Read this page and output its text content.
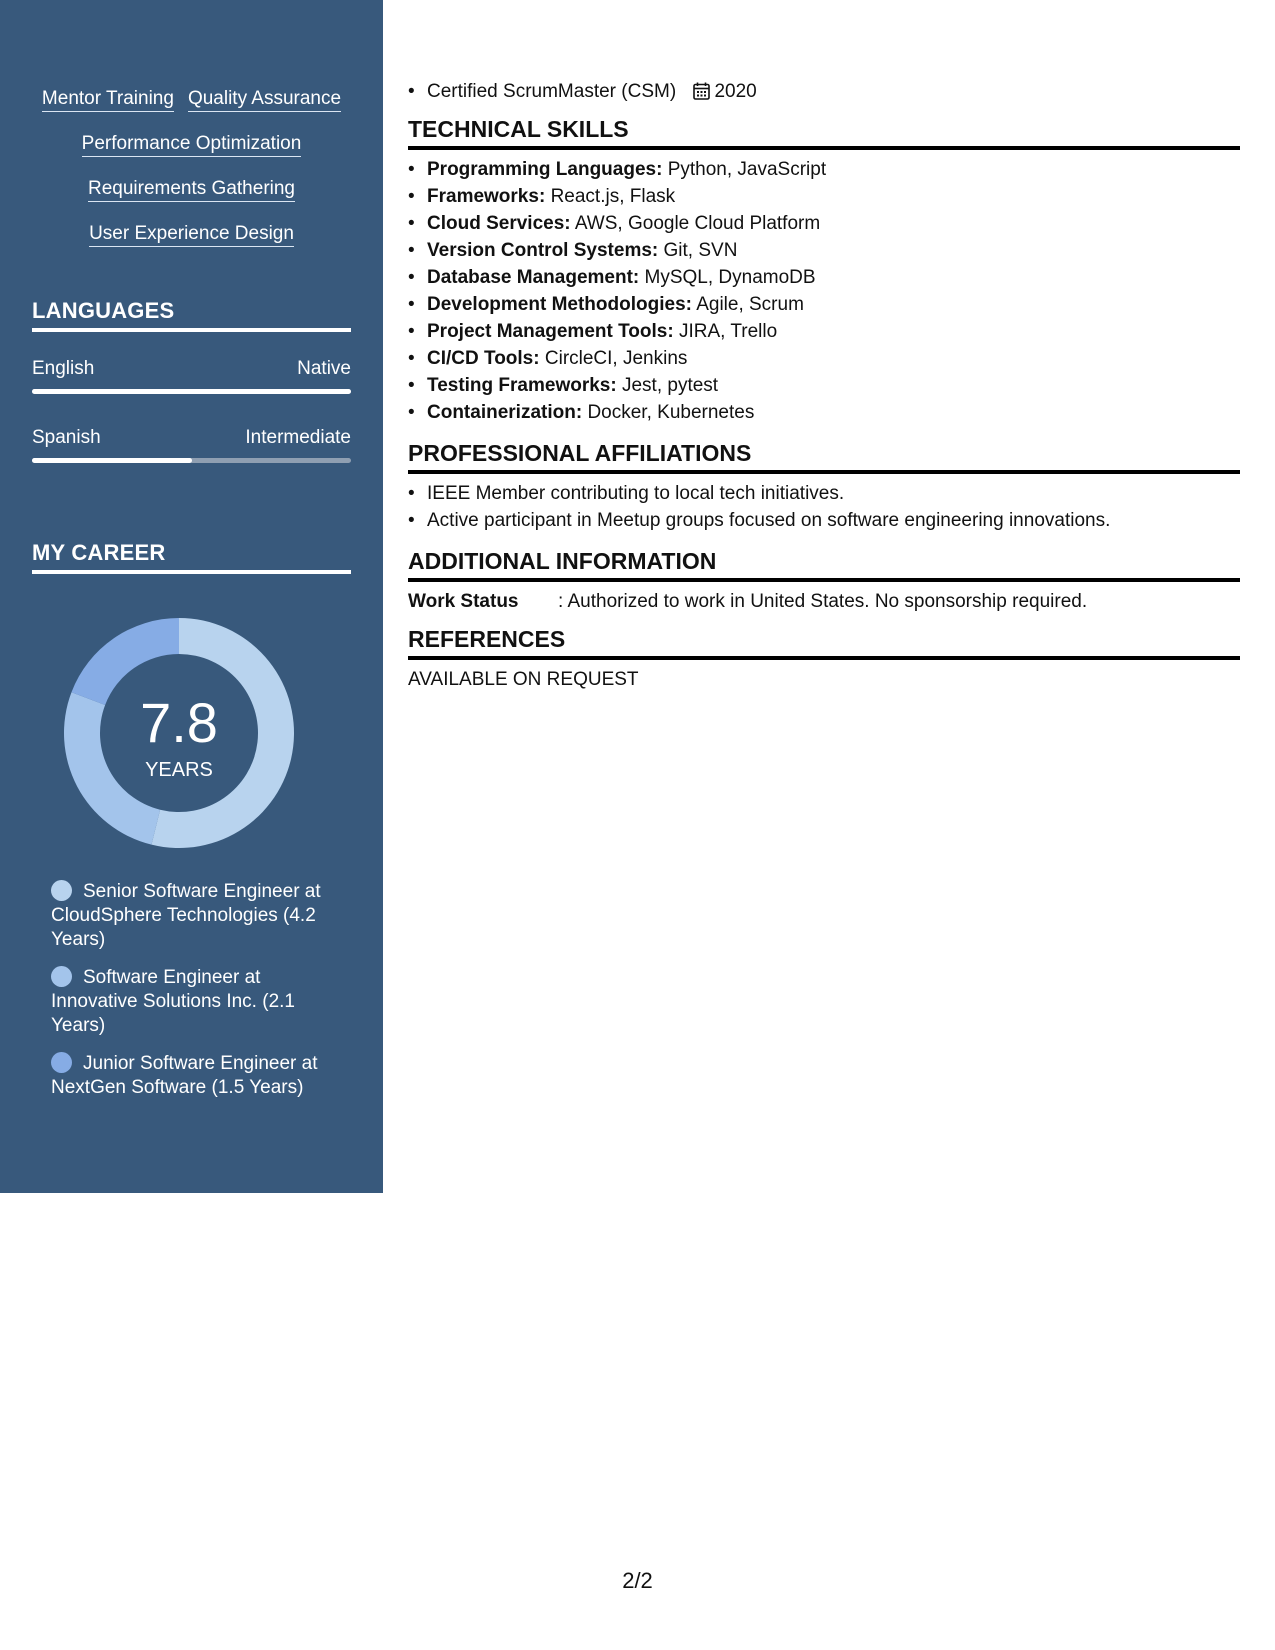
Mentor Training Quality Assurance
Performance Optimization
Requirements Gathering
User Experience Design
LANGUAGES
English	Native
Spanish	Intermediate
MY CAREER
7.8
YEARS
Senior Software Engineer at CloudSphere Technologies (4.2 Years)
Software Engineer at Innovative Solutions Inc. (2.1 Years)
Junior Software Engineer at NextGen Software (1.5 Years)
• Certified ScrumMaster (CSM) 2020
TECHNICAL SKILLS
• Programming Languages: Python, JavaScript
• Frameworks: React.js, Flask
• Cloud Services: AWS, Google Cloud Platform
• Version Control Systems: Git, SVN
• Database Management: MySQL, DynamoDB
• Development Methodologies: Agile, Scrum
• Project Management Tools: JIRA, Trello
• CI/CD Tools: CircleCI, Jenkins
• Testing Frameworks: Jest, pytest
• Containerization: Docker, Kubernetes
PROFESSIONAL AFFILIATIONS
• IEEE Member contributing to local tech initiatives.
• Active participant in Meetup groups focused on software engineering innovations.
ADDITIONAL INFORMATION
Work Status : Authorized to work in United States. No sponsorship required.
REFERENCES
AVAILABLE ON REQUEST
2/2
